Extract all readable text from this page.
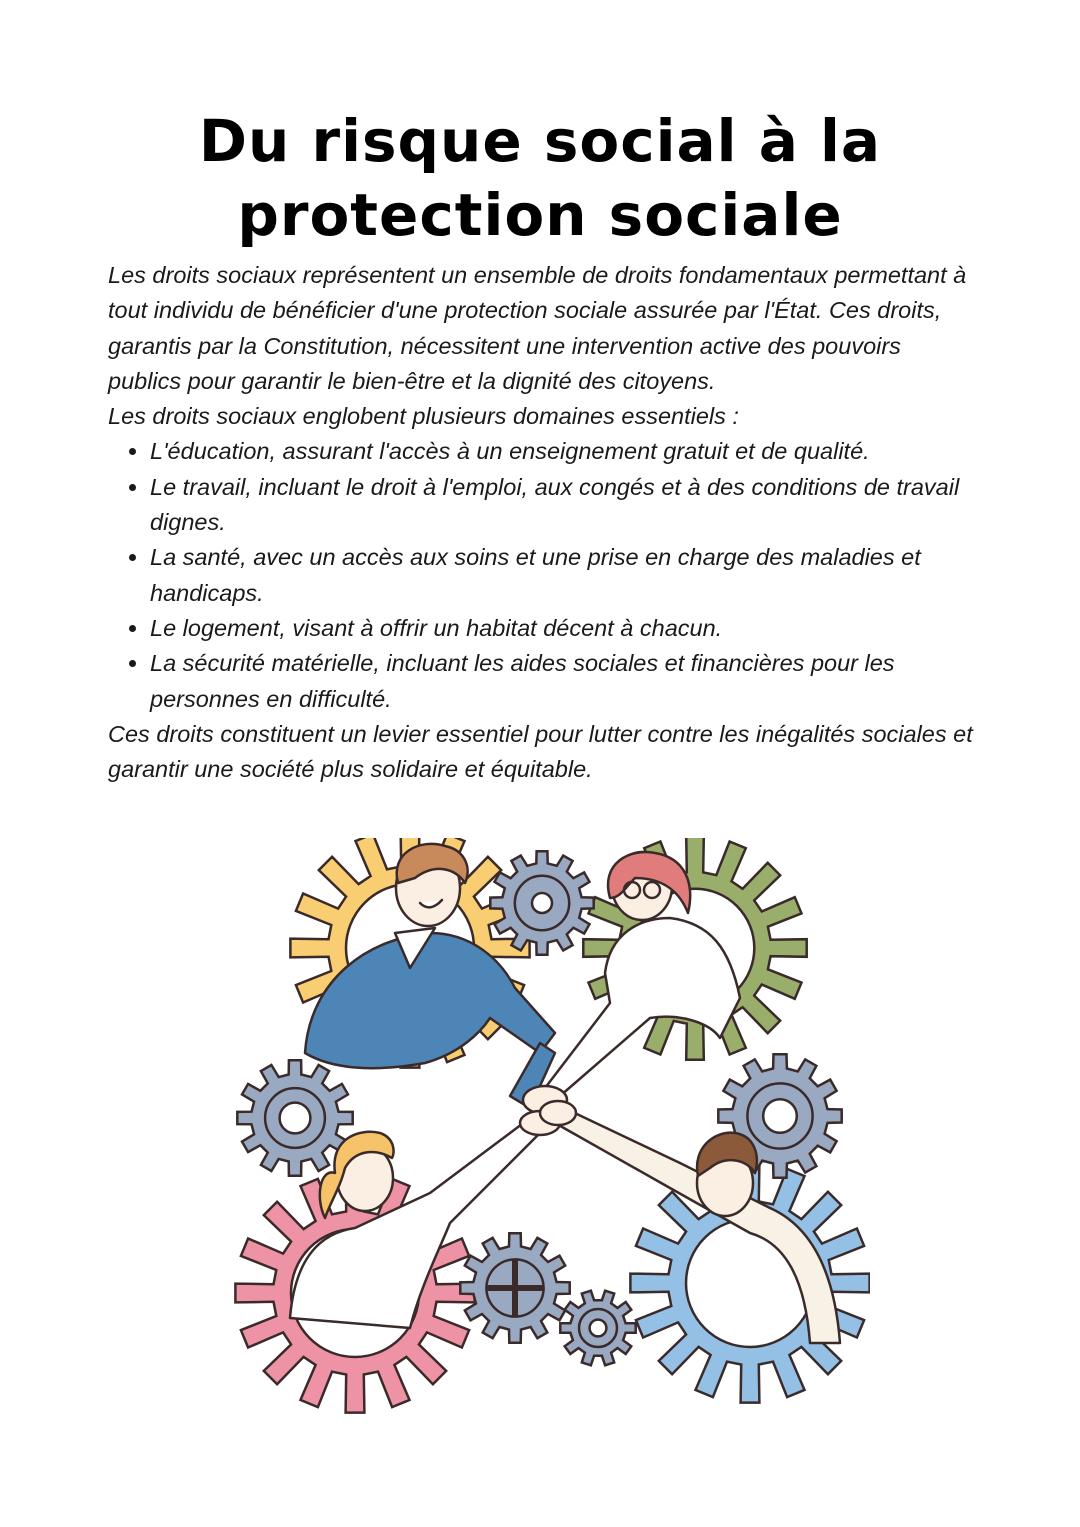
Du risque social à la
protection sociale

Les droits sociaux représentent un ensemble de droits fondamentaux permettant à tout individu de bénéficier d'une protection sociale assurée par l'État. Ces droits, garantis par la Constitution, nécessitent une intervention active des pouvoirs publics pour garantir le bien-être et la dignité des citoyens.

Les droits sociaux englobent plusieurs domaines essentiels :

• L'éducation, assurant l'accès à un enseignement gratuit et de qualité.
• Le travail, incluant le droit à l'emploi, aux congés et à des conditions de travail dignes.
• La santé, avec un accès aux soins et une prise en charge des maladies et handicaps.
• Le logement, visant à offrir un habitat décent à chacun.
• La sécurité matérielle, incluant les aides sociales et financières pour les personnes en difficulté.

Ces droits constituent un levier essentiel pour lutter contre les inégalités sociales et garantir une société plus solidaire et équitable.
